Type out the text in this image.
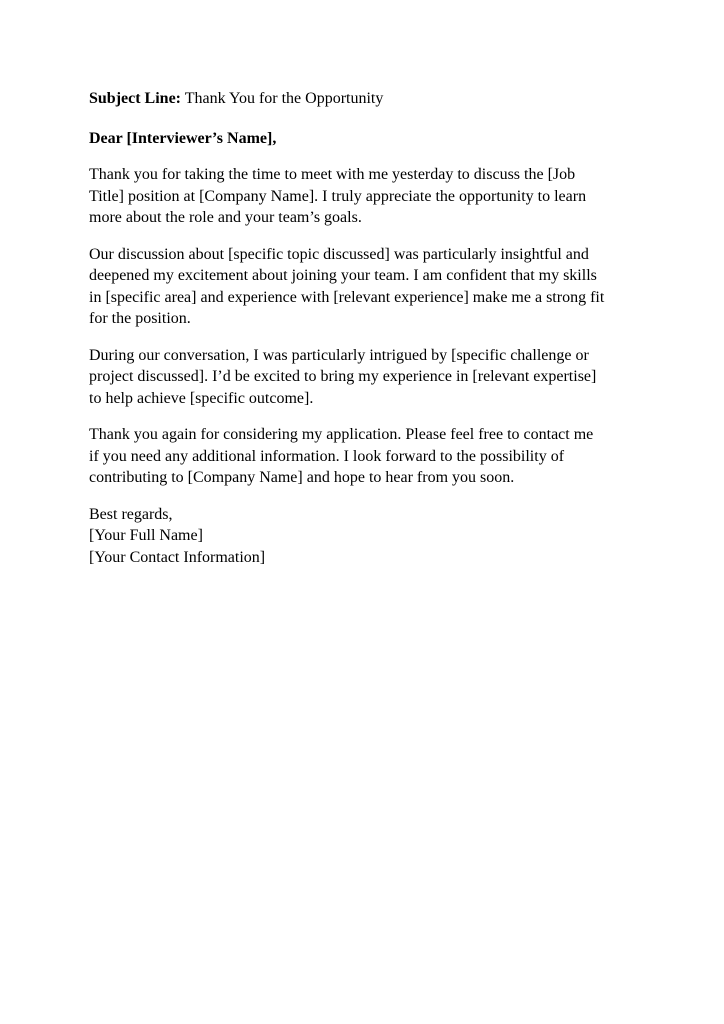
Subject Line: Thank You for the Opportunity

Dear [Interviewer’s Name],

Thank you for taking the time to meet with me yesterday to discuss the [Job
Title] position at [Company Name]. I truly appreciate the opportunity to learn
more about the role and your team’s goals.

Our discussion about [specific topic discussed] was particularly insightful and
deepened my excitement about joining your team. I am confident that my skills
in [specific area] and experience with [relevant experience] make me a strong fit
for the position.

During our conversation, I was particularly intrigued by [specific challenge or
project discussed]. I’d be excited to bring my experience in [relevant expertise]
to help achieve [specific outcome].

Thank you again for considering my application. Please feel free to contact me
if you need any additional information. I look forward to the possibility of
contributing to [Company Name] and hope to hear from you soon.

Best regards,
[Your Full Name]
[Your Contact Information]
